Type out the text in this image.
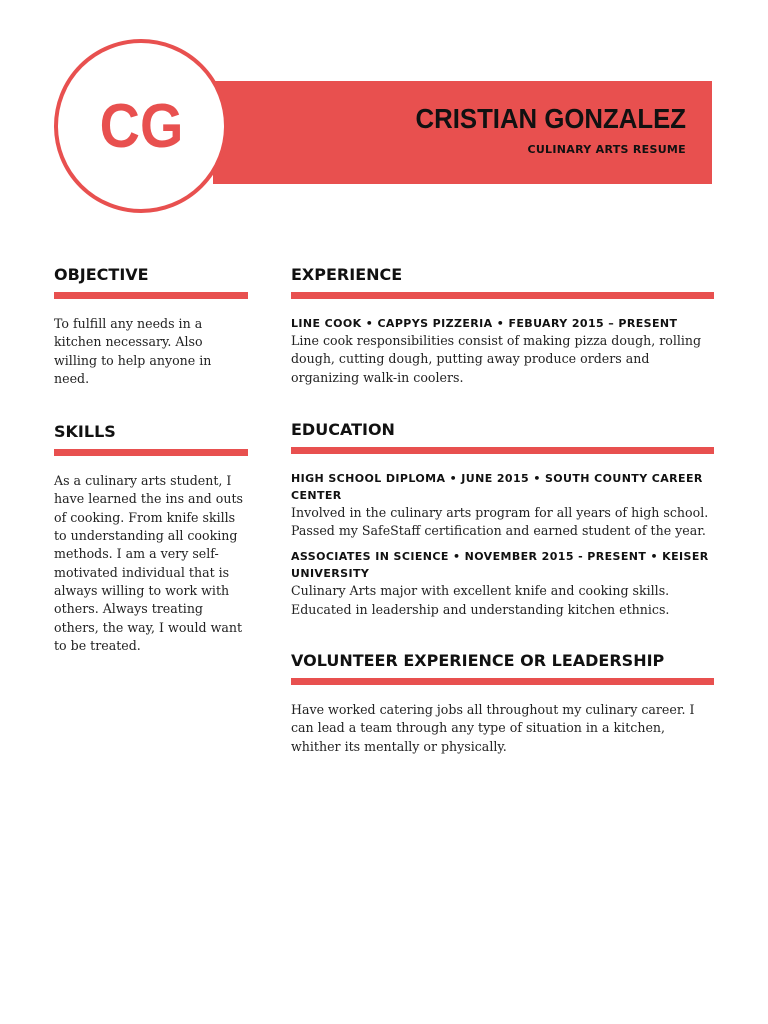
CRISTIAN GONZALEZ
CULINARY ARTS RESUME
CG
OBJECTIVE

To fulfill any needs in a kitchen necessary. Also willing to help anyone in need.

SKILLS

As a culinary arts student, I have learned the ins and outs of cooking. From knife skills to understanding all cooking methods. I am a very self-motivated individual that is always willing to work with others. Always treating others, the way, I would want to be treated.

EXPERIENCE
LINE COOK • CAPPYS PIZZERIA • FEBUARY 2015 – PRESENT

Line cook responsibilities consist of making pizza dough, rolling dough, cutting dough, putting away produce orders and organizing walk-in coolers.

EDUCATION
HIGH SCHOOL DIPLOMA • JUNE 2015 • SOUTH COUNTY CAREER CENTER

Involved in the culinary arts program for all years of high school. Passed my SafeStaff certification and earned student of the year.

ASSOCIATES IN SCIENCE • NOVEMBER 2015 - PRESENT • KEISER UNIVERSITY

Culinary Arts major with excellent knife and cooking skills. Educated in leadership and understanding kitchen ethnics.

VOLUNTEER EXPERIENCE OR LEADERSHIP

Have worked catering jobs all throughout my culinary career. I can lead a team through any type of situation in a kitchen, whither its mentally or physically.
